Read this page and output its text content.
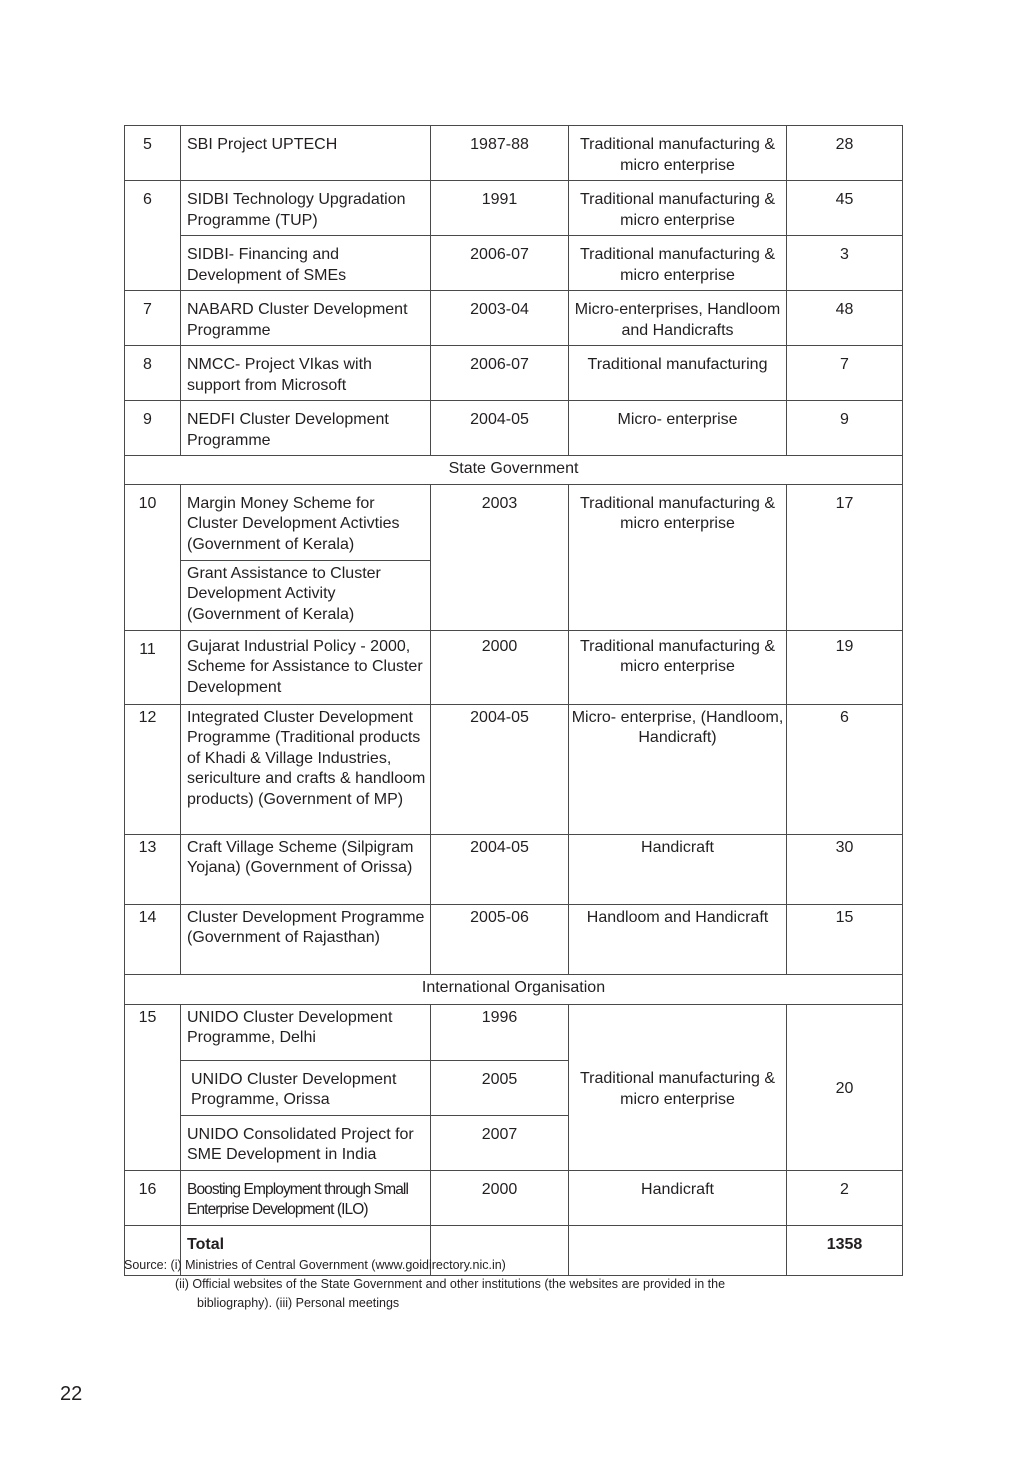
5	SBI Project UPTECH	1987-88	Traditional manufacturing & micro enterprise	28
6	SIDBI Technology Upgradation Programme (TUP)	1991	Traditional manufacturing & micro enterprise	45
	SIDBI- Financing and Development of SMEs	2006-07	Traditional manufacturing & micro enterprise	3
7	NABARD Cluster Development Programme	2003-04	Micro-enterprises, Handloom and Handicrafts	48
8	NMCC- Project VIkas with support from Microsoft	2006-07	Traditional manufacturing	7
9	NEDFI Cluster Development Programme	2004-05	Micro- enterprise	9
State Government				
10	Margin Money Scheme for Cluster Development Activties (Government of Kerala)	2003	Traditional manufacturing & micro enterprise	17
	Grant Assistance to Cluster Development Activity (Government of Kerala)			
11	Gujarat Industrial Policy - 2000, Scheme for Assistance to Cluster Development	2000	Traditional manufacturing & micro enterprise	19
12	Integrated Cluster Development Programme (Traditional products of Khadi & Village Industries, sericulture and crafts & handloom products) (Government of MP)	2004-05	Micro- enterprise, (Handloom, Handicraft)	6
13	Craft Village Scheme (Silpigram Yojana) (Government of Orissa)	2004-05	Handicraft	30
14	Cluster Development Programme (Government of Rajasthan)	2005-06	Handloom and Handicraft	15
International Organisation				
15	UNIDO Cluster Development Programme, Delhi	1996	Traditional manufacturing & micro enterprise	20
	UNIDO Cluster Development Programme, Orissa	2005		
	UNIDO Consolidated Project for SME Development in India	2007		
16	Boosting Employment through Small Enterprise Development (ILO)	2000	Handicraft	2
	Total			1358
Source: (i) Ministries of Central Government (www.goidirectory.nic.in)
(ii) Official websites of the State Government and other institutions (the websites are provided in the
bibliography). (iii) Personal meetings
22
